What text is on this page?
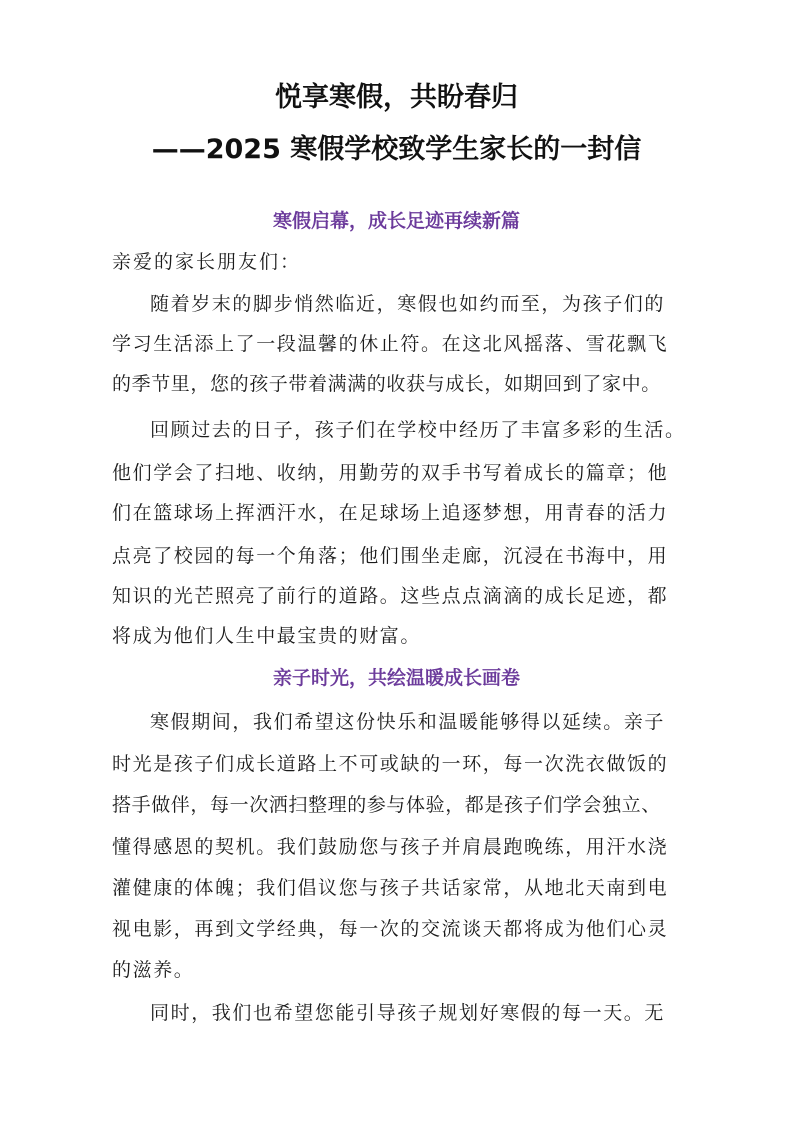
悦享寒假，共盼春归
——2025 寒假学校致学生家长的一封信
寒假启幕，成长足迹再续新篇
亲爱的家长朋友们：
随着岁末的脚步悄然临近，寒假也如约而至，为孩子们的
学习生活添上了一段温馨的休止符。在这北风摇落、雪花飘飞
的季节里，您的孩子带着满满的收获与成长，如期回到了家中。
回顾过去的日子，孩子们在学校中经历了丰富多彩的生活。
他们学会了扫地、收纳，用勤劳的双手书写着成长的篇章；他
们在篮球场上挥洒汗水，在足球场上追逐梦想，用青春的活力
点亮了校园的每一个角落；他们围坐走廊，沉浸在书海中，用
知识的光芒照亮了前行的道路。这些点点滴滴的成长足迹，都
将成为他们人生中最宝贵的财富。
亲子时光，共绘温暖成长画卷
寒假期间，我们希望这份快乐和温暖能够得以延续。亲子
时光是孩子们成长道路上不可或缺的一环，每一次洗衣做饭的
搭手做伴，每一次洒扫整理的参与体验，都是孩子们学会独立、
懂得感恩的契机。我们鼓励您与孩子并肩晨跑晚练，用汗水浇
灌健康的体魄；我们倡议您与孩子共话家常，从地北天南到电
视电影，再到文学经典，每一次的交流谈天都将成为他们心灵
的滋养。
同时，我们也希望您能引导孩子规划好寒假的每一天。无
